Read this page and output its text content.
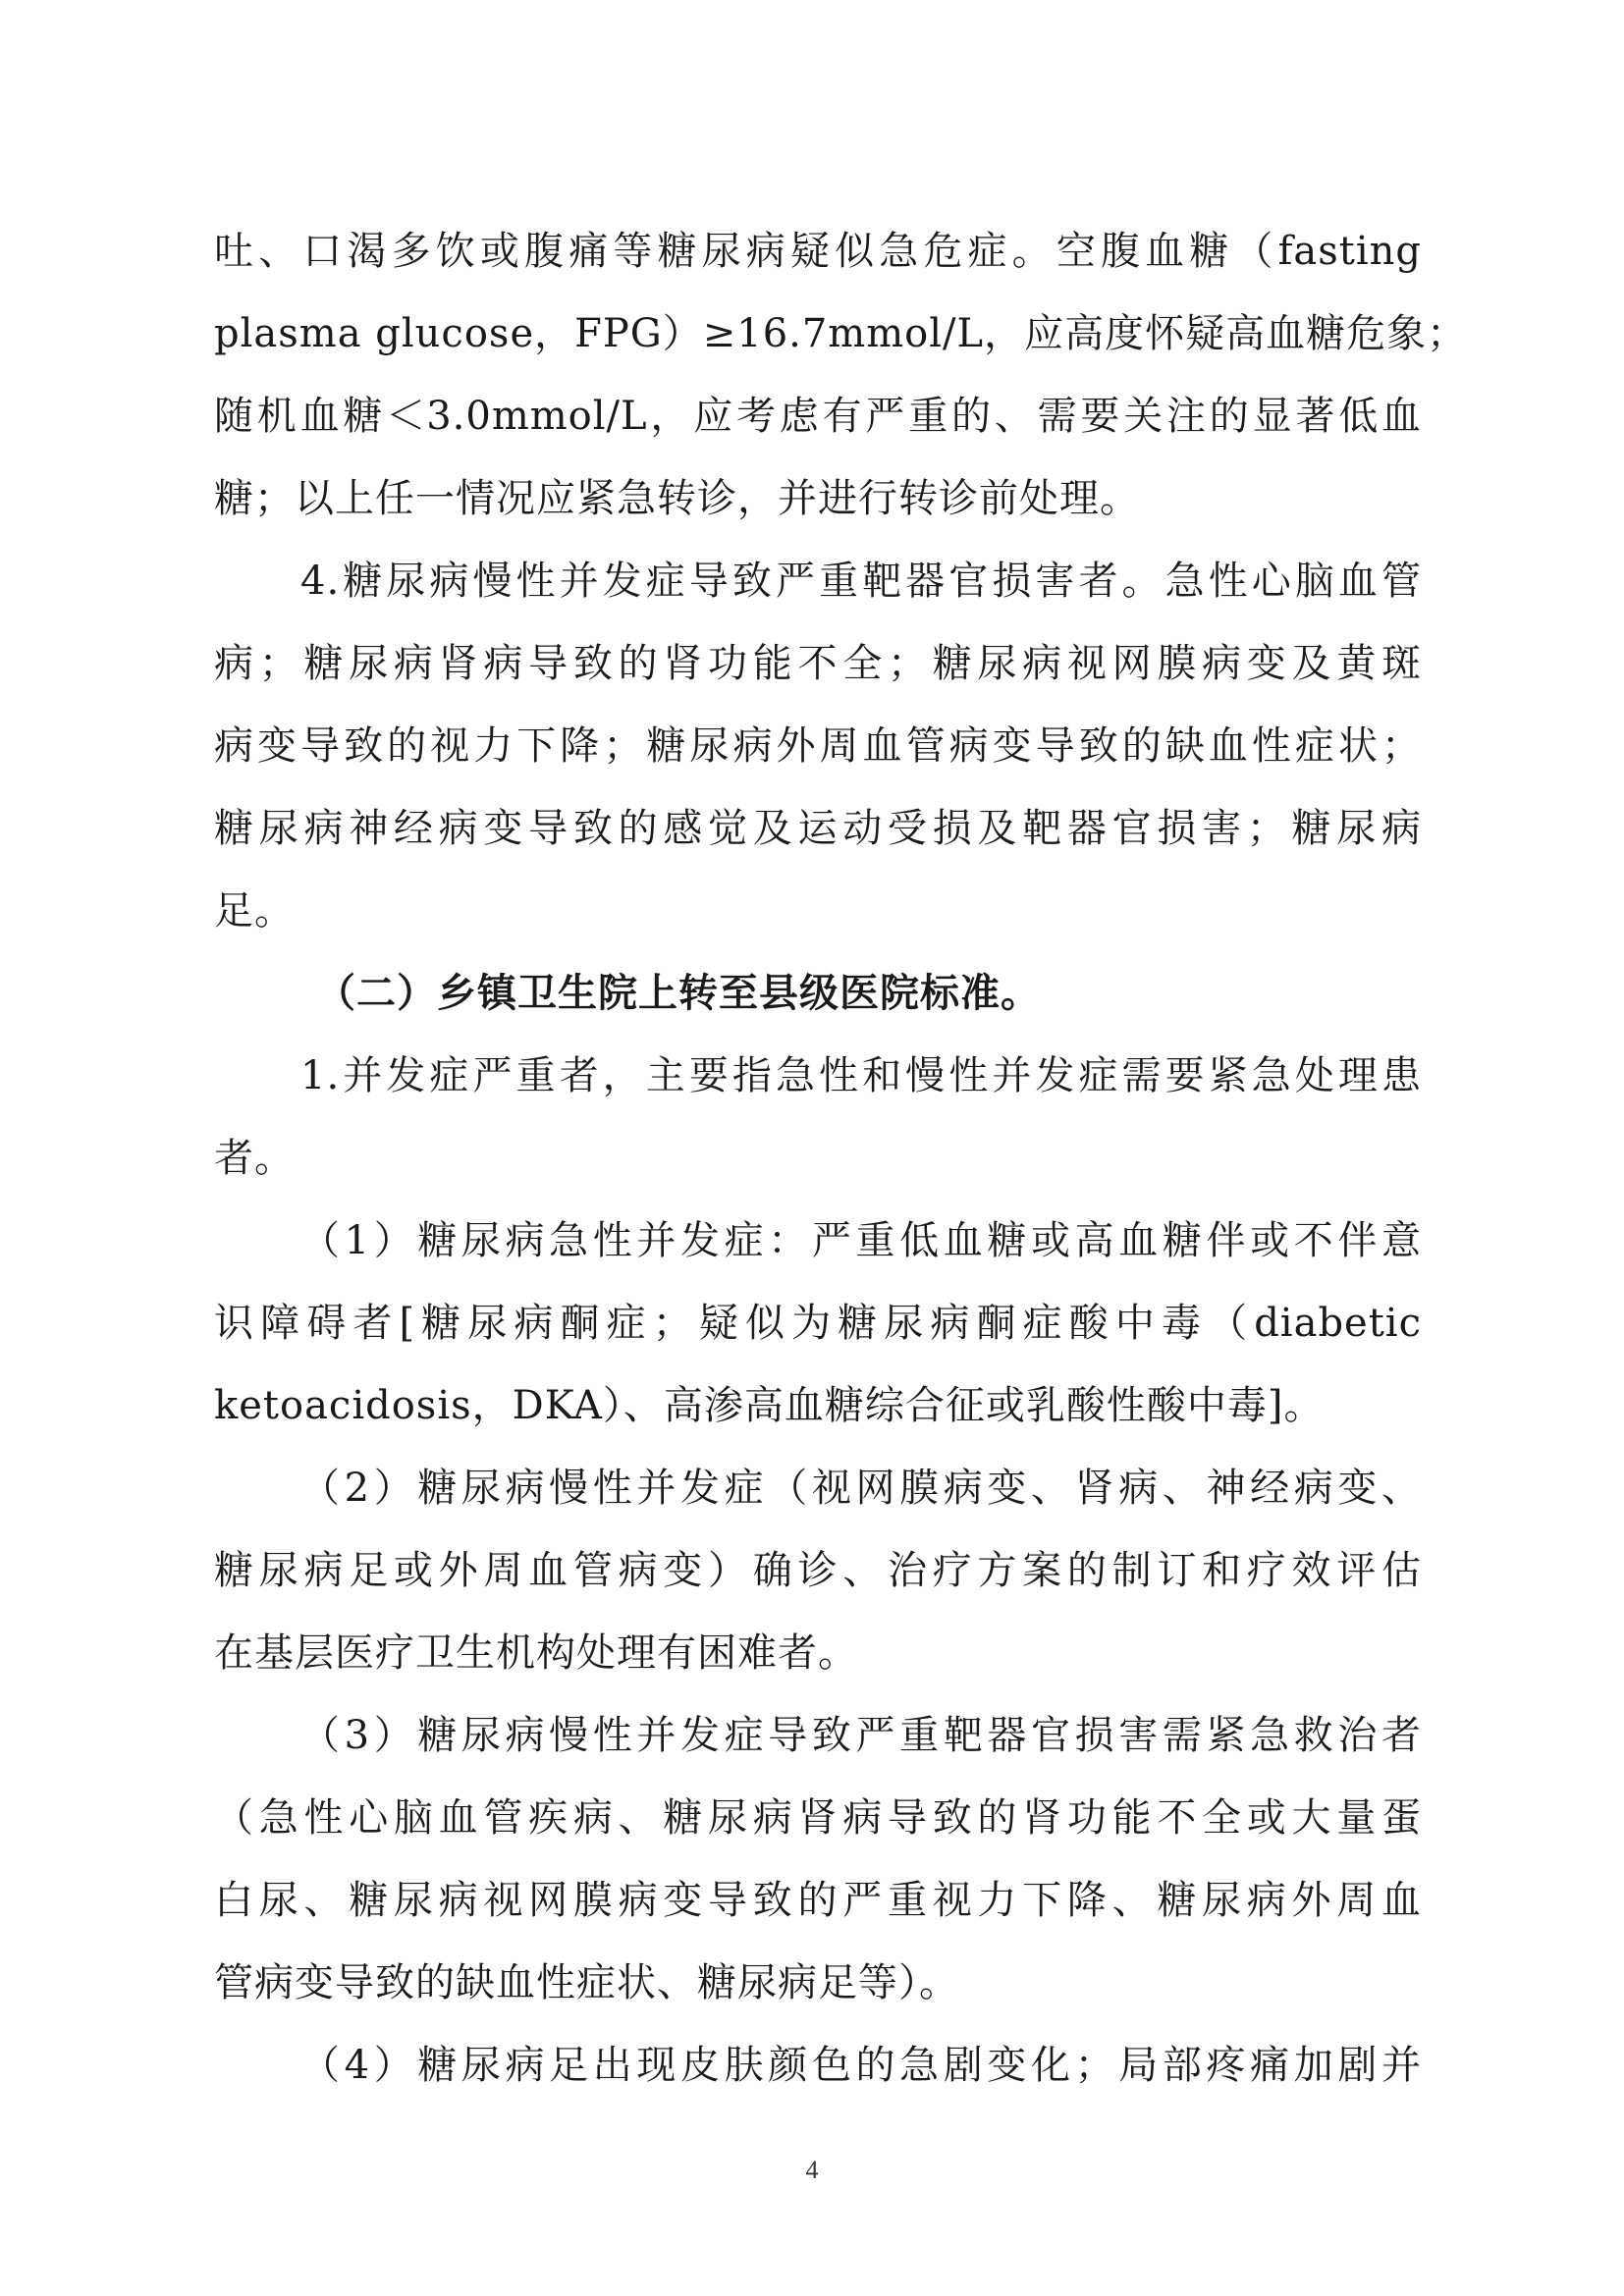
吐、口渴多饮或腹痛等糖尿病疑似急危症。空腹血糖（fasting
plasma glucose，FPG）≥16.7mmol/L，应高度怀疑高血糖危象；
随机血糖＜3.0mmol/L，应考虑有严重的、需要关注的显著低血
糖；以上任一情况应紧急转诊，并进行转诊前处理。
4.糖尿病慢性并发症导致严重靶器官损害者。急性心脑血管
病；糖尿病肾病导致的肾功能不全；糖尿病视网膜病变及黄斑
病变导致的视力下降；糖尿病外周血管病变导致的缺血性症状；
糖尿病神经病变导致的感觉及运动受损及靶器官损害；糖尿病
足。
（二）乡镇卫生院上转至县级医院标准。
1.并发症严重者，主要指急性和慢性并发症需要紧急处理患
者。
（1）糖尿病急性并发症：严重低血糖或高血糖伴或不伴意
识障碍者[糖尿病酮症；疑似为糖尿病酮症酸中毒（diabetic
ketoacidosis，DKA）、高渗高血糖综合征或乳酸性酸中毒]。
（2）糖尿病慢性并发症（视网膜病变、肾病、神经病变、
糖尿病足或外周血管病变）确诊、治疗方案的制订和疗效评估
在基层医疗卫生机构处理有困难者。
（3）糖尿病慢性并发症导致严重靶器官损害需紧急救治者
（急性心脑血管疾病、糖尿病肾病导致的肾功能不全或大量蛋
白尿、糖尿病视网膜病变导致的严重视力下降、糖尿病外周血
管病变导致的缺血性症状、糖尿病足等）。
（4）糖尿病足出现皮肤颜色的急剧变化；局部疼痛加剧并
4
